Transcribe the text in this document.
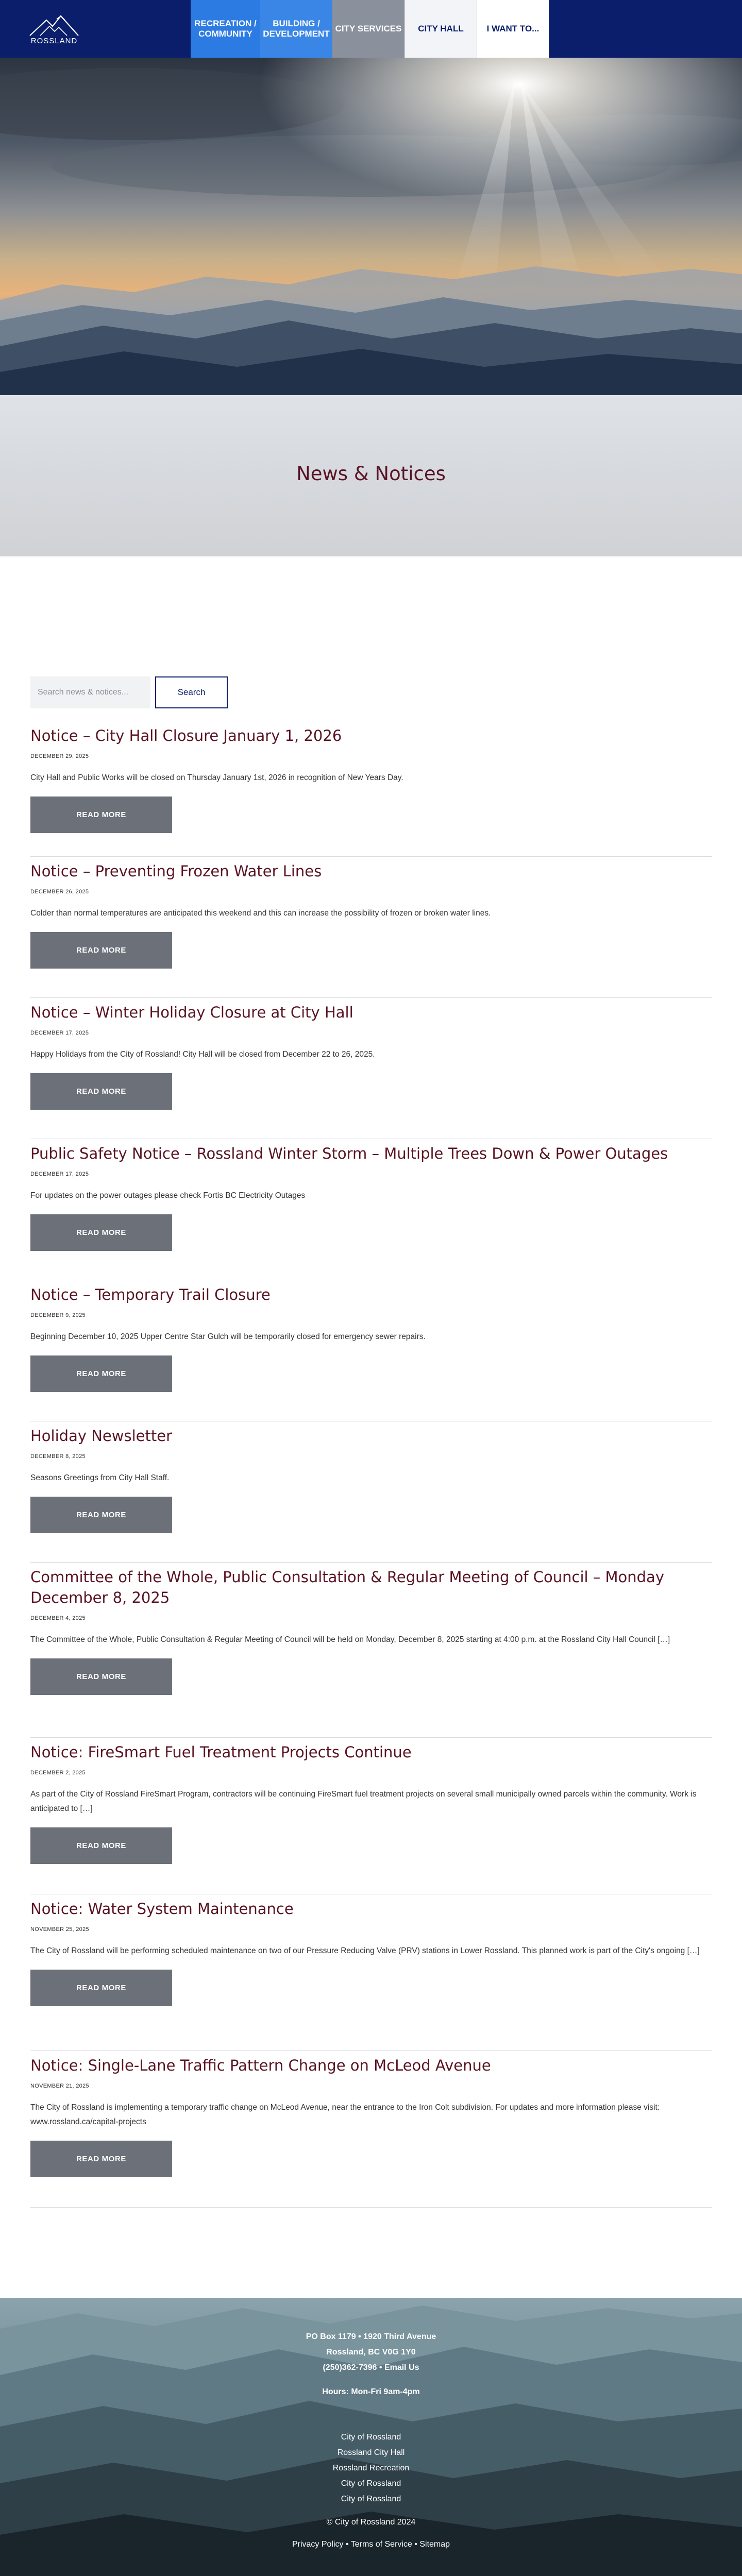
ROSSLAND
RECREATION /
COMMUNITY
BUILDING /
DEVELOPMENT
CITY SERVICES CITY HALL	I WANT TO...
News & Notices
Search news & notices...
Search
Notice – City Hall Closure January 1, 2026
DECEMBER 29, 2025

City Hall and Public Works will be closed on Thursday January 1st, 2026 in recognition of New Years Day.

READ MORE
Notice – Preventing Frozen Water Lines
DECEMBER 26, 2025

Colder than normal temperatures are anticipated this weekend and this can increase the possibility of frozen or broken water lines.

READ MORE
Notice – Winter Holiday Closure at City Hall
DECEMBER 17, 2025

Happy Holidays from the City of Rossland! City Hall will be closed from December 22 to 26, 2025.

READ MORE
Public Safety Notice – Rossland Winter Storm – Multiple Trees Down & Power Outages
DECEMBER 17, 2025

For updates on the power outages please check Fortis BC Electricity Outages

READ MORE
Notice – Temporary Trail Closure
DECEMBER 9, 2025

Beginning December 10, 2025 Upper Centre Star Gulch will be temporarily closed for emergency sewer repairs.

READ MORE
Holiday Newsletter
DECEMBER 8, 2025

Seasons Greetings from City Hall Staff.

READ MORE
Committee of the Whole, Public Consultation & Regular Meeting of Council – Monday December 8, 2025
DECEMBER 4, 2025

The Committee of the Whole, Public Consultation & Regular Meeting of Council will be held on Monday, December 8, 2025 starting at 4:00 p.m. at the Rossland City Hall Council […]

READ MORE
Notice: FireSmart Fuel Treatment Projects Continue
DECEMBER 2, 2025

As part of the City of Rossland FireSmart Program, contractors will be continuing FireSmart fuel treatment projects on several small municipally owned parcels within the community. Work is anticipated to […]

READ MORE
Notice: Water System Maintenance
NOVEMBER 25, 2025

The City of Rossland will be performing scheduled maintenance on two of our Pressure Reducing Valve (PRV) stations in Lower Rossland. This planned work is part of the City's ongoing […]

READ MORE
Notice: Single-Lane Traffic Pattern Change on McLeod Avenue
NOVEMBER 21, 2025

The City of Rossland is implementing a temporary traffic change on McLeod Avenue, near the entrance to the Iron Colt subdivision. For updates and more information please visit: www.rossland.ca/capital-projects

READ MORE
PO Box 1179 • 1920 Third Avenue
Rossland, BC V0G 1Y0
(250)362-7396 • Email Us
Hours: Mon-Fri 9am-4pm
City of Rossland
Rossland City Hall
Rossland Recreation
City of Rossland
City of Rossland
© City of Rossland 2024
Privacy Policy • Terms of Service • Sitemap
